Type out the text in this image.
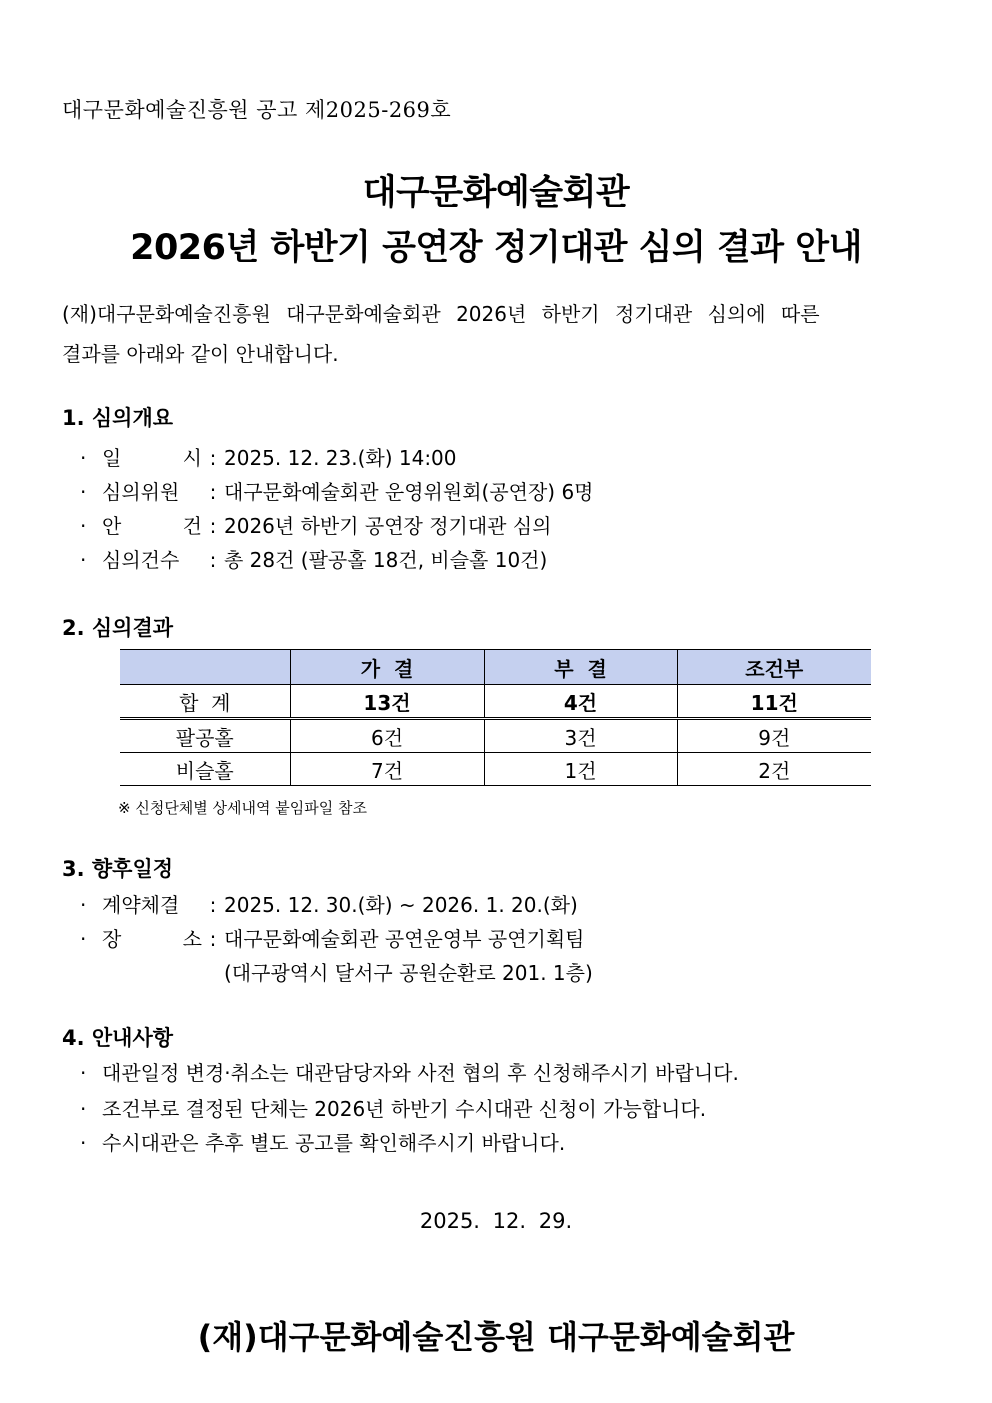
대구문화예술진흥원 공고 제2025-269호
대구문화예술회관
2026년 하반기 공연장 정기대관 심의 결과 안내
(재)대구문화예술진흥원 대구문화예술회관 2026년 하반기 정기대관 심의에 따른
결과를 아래와 같이 안내합니다.
1. 심의개요
· 일	시 : 2025. 12. 23.(화) 14:00
· 심의위원 : 대구문화예술회관 운영위원회(공연장) 6명
· 안	건 : 2026년 하반기 공연장 정기대관 심의
· 심의건수 : 총 28건 (팔공홀 18건, 비슬홀 10건)
2. 심의결과
	가  결	부  결	조건부
합  계	13건	4건	11건
팔공홀	6건	3건	9건
비슬홀	7건	1건	2건
※ 신청단체별 상세내역 붙임파일 참조
3. 향후일정
· 계약체결 : 2025. 12. 30.(화) ~ 2026. 1. 20.(화)
· 장	소 : 대구문화예술회관 공연운영부 공연기획팀
(대구광역시 달서구 공원순환로 201. 1층)
4. 안내사항
· 대관일정 변경·취소는 대관담당자와 사전 협의 후 신청해주시기 바랍니다.
· 조건부로 결정된 단체는 2026년 하반기 수시대관 신청이 가능합니다.
· 수시대관은 추후 별도 공고를 확인해주시기 바랍니다.
2025. 12. 29.
(재)대구문화예술진흥원 대구문화예술회관
